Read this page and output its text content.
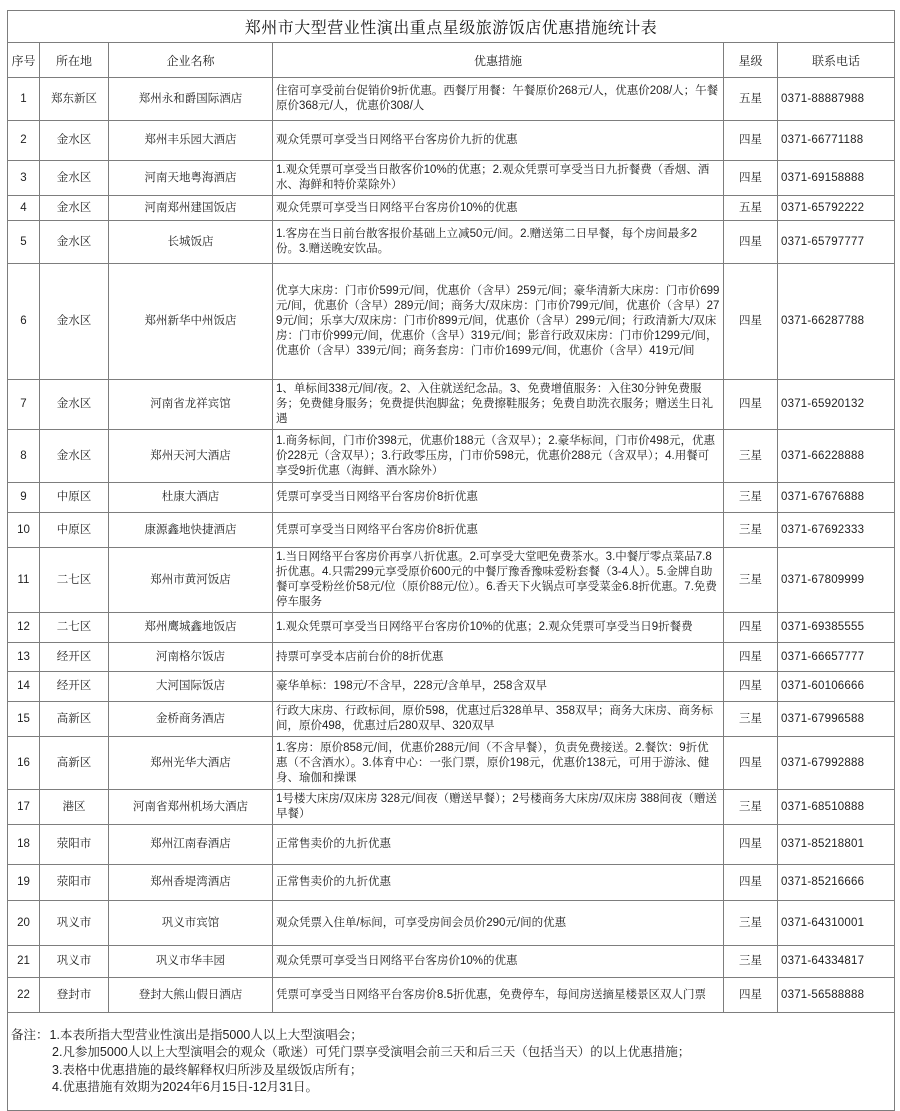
郑州市大型营业性演出重点星级旅游饭店优惠措施统计表					
序号	所在地	企业名称	优惠措施	星级	联系电话
1	郑东新区	郑州永和爵国际酒店	住宿可享受前台促销价9折优惠。西餐厅用餐：午餐原价268元/人，优惠价208/人；午餐原价368元/人，优惠价308/人	五星	0371-88887988
2	金水区	郑州丰乐园大酒店	观众凭票可享受当日网络平台客房价九折的优惠	四星	0371-66771188
3	金水区	河南天地粤海酒店	1.观众凭票可享受当日散客价10%的优惠；2.观众凭票可享受当日九折餐费（香烟、酒水、海鲜和特价菜除外）	四星	0371-69158888
4	金水区	河南郑州建国饭店	观众凭票可享受当日网络平台客房价10%的优惠	五星	0371-65792222
5	金水区	长城饭店	1.客房在当日前台散客报价基础上立减50元/间。2.赠送第二日早餐，每个房间最多2份。3.赠送晚安饮品。	四星	0371-65797777
6	金水区	郑州新华中州饭店	优享大床房：门市价599元/间，优惠价（含早）259元/间；豪华清新大床房：门市价699元/间，优惠价（含早）289元/间；商务大/双床房：门市价799元/间，优惠价（含早）279元/间；乐享大/双床房：门市价899元/间，优惠价（含早）299元/间；行政清新大/双床房：门市价999元/间，优惠价（含早）319元/间；影音行政双床房：门市价1299元/间，优惠价（含早）339元/间；商务套房：门市价1699元/间，优惠价（含早）419元/间	四星	0371-66287788
7	金水区	河南省龙祥宾馆	1、单标间338元/间/夜。2、入住就送纪念品。3、免费增值服务：入住30分钟免费服务；免费健身服务；免费提供泡脚盆；免费擦鞋服务；免费自助洗衣服务；赠送生日礼遇	四星	0371-65920132
8	金水区	郑州天河大酒店	1.商务标间，门市价398元，优惠价188元（含双早）；2.豪华标间，门市价498元，优惠价228元（含双早）；3.行政零压房，门市价598元，优惠价288元（含双早）；4.用餐可享受9折优惠（海鲜、酒水除外）	三星	0371-66228888
9	中原区	杜康大酒店	凭票可享受当日网络平台客房价8折优惠	三星	0371-67676888
10	中原区	康源鑫地快捷酒店	凭票可享受当日网络平台客房价8折优惠	三星	0371-67692333
11	二七区	郑州市黄河饭店	1.当日网络平台客房价再享八折优惠。2.可享受大堂吧免费茶水。3.中餐厅零点菜品7.8折优惠。4.只需299元享受原价600元的中餐厅豫香豫味爱粉套餐（3-4人）。5.金牌自助餐可享受粉丝价58元/位（原价88元/位）。6.香天下火锅点可享受菜金6.8折优惠。7.免费停车服务	三星	0371-67809999
12	二七区	郑州鹰城鑫地饭店	1.观众凭票可享受当日网络平台客房价10%的优惠；2.观众凭票可享受当日9折餐费	四星	0371-69385555
13	经开区	河南格尔饭店	持票可享受本店前台价的8折优惠	四星	0371-66657777
14	经开区	大河国际饭店	豪华单标：198元/不含早，228元/含单早，258含双早	四星	0371-60106666
15	高新区	金桥商务酒店	行政大床房、行政标间，原价598，优惠过后328单早、358双早；商务大床房、商务标间，原价498，优惠过后280双早、320双早	三星	0371-67996588
16	高新区	郑州光华大酒店	1.客房：原价858元/间，优惠价288元/间（不含早餐），负责免费接送。2.餐饮：9折优惠（不含酒水）。3.体育中心：一张门票，原价198元，优惠价138元，可用于游泳、健身、瑜伽和操课	四星	0371-67992888
17	港区	河南省郑州机场大酒店	1号楼大床房/双床房 328元/间夜（赠送早餐）；2号楼商务大床房/双床房 388间夜（赠送早餐）	三星	0371-68510888
18	荥阳市	郑州江南春酒店	正常售卖价的九折优惠	四星	0371-85218801
19	荥阳市	郑州香堤湾酒店	正常售卖价的九折优惠	四星	0371-85216666
20	巩义市	巩义市宾馆	观众凭票入住单/标间，可享受房间会员价290元/间的优惠	三星	0371-64310001
21	巩义市	巩义市华丰园	观众凭票可享受当日网络平台客房价10%的优惠	三星	0371-64334817
22	登封市	登封大熊山假日酒店	凭票可享受当日网络平台客房价8.5折优惠，免费停车，每间房送摘星楼景区双人门票	四星	0371-56588888

备注：1.本表所指大型营业性演出是指5000人以上大型演唱会；
2.凡参加5000人以上大型演唱会的观众（歌迷）可凭门票享受演唱会前三天和后三天（包括当天）的以上优惠措施；
3.表格中优惠措施的最终解释权归所涉及星级饭店所有；
4.优惠措施有效期为2024年6月15日-12月31日。					
